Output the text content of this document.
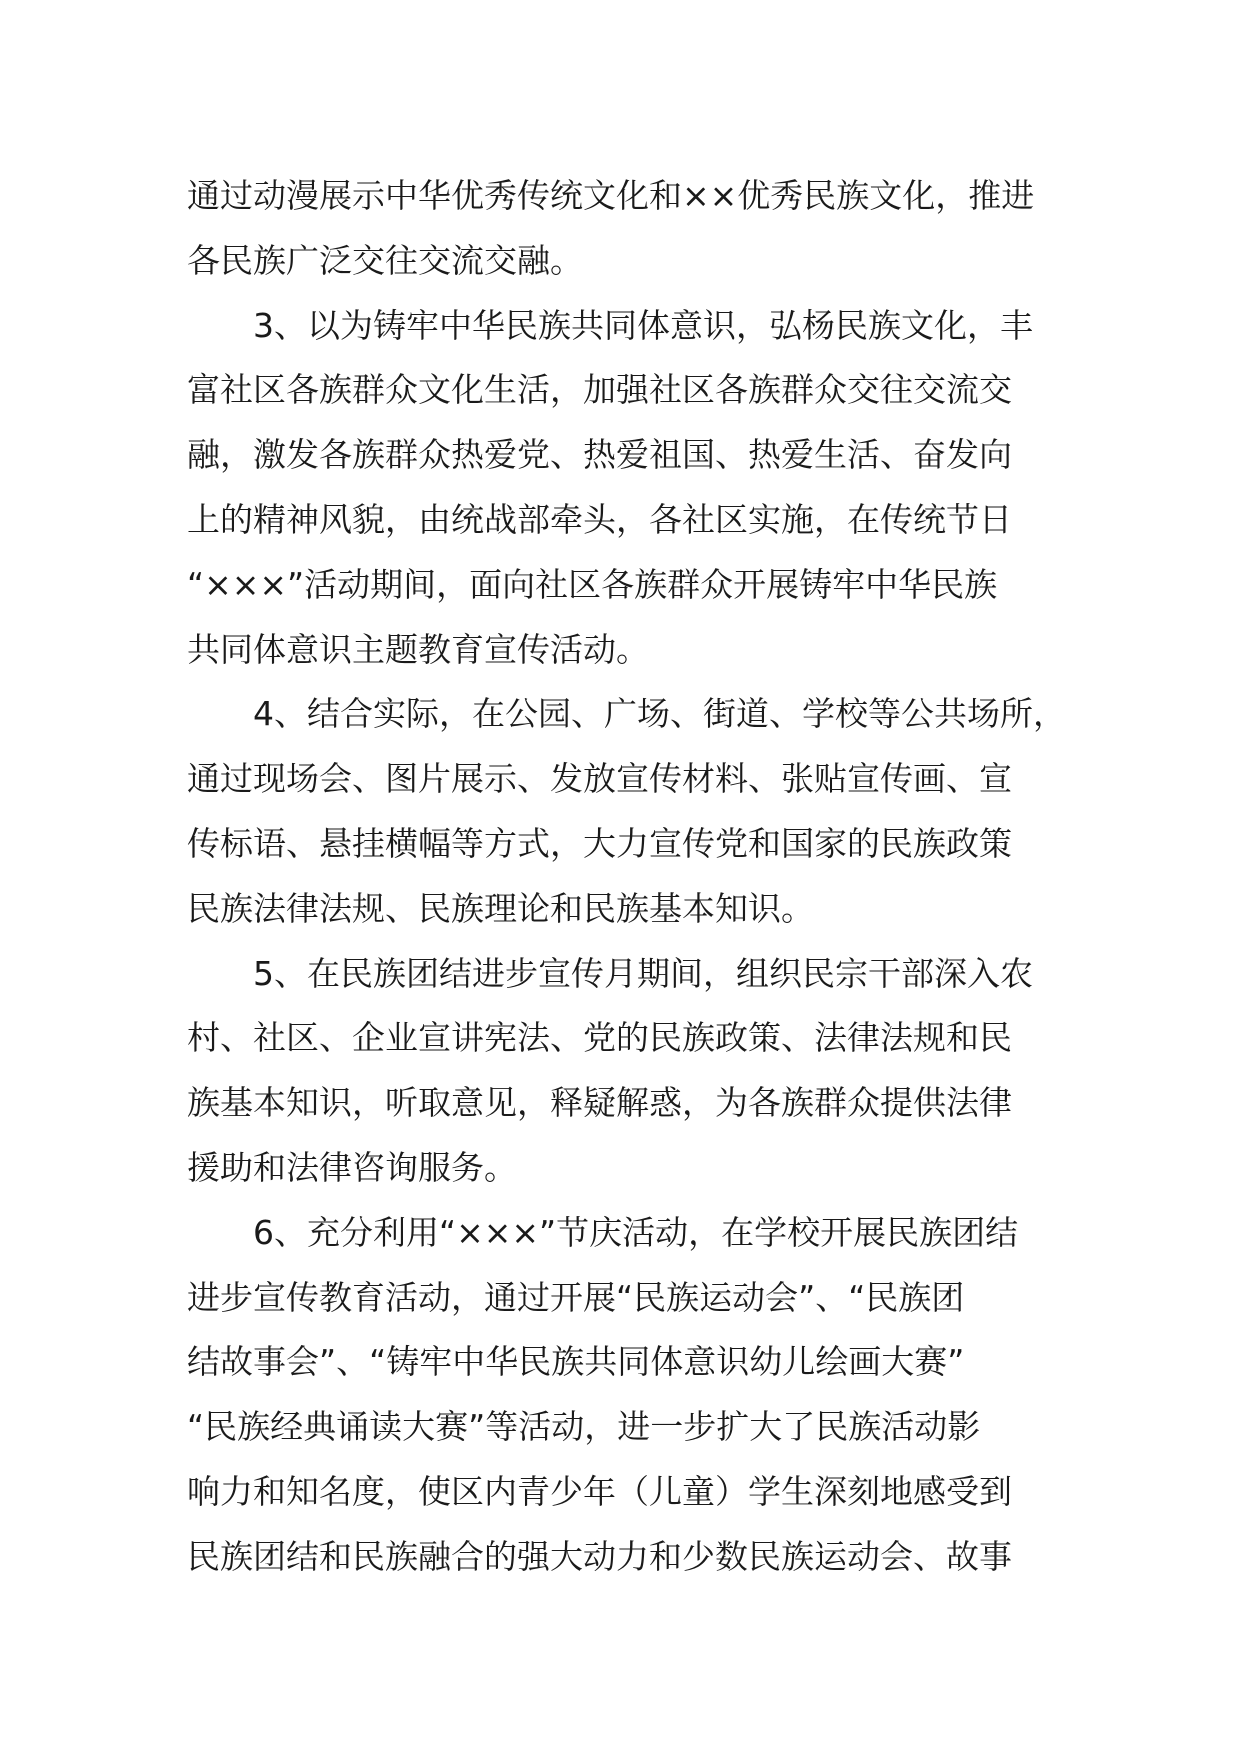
通过动漫展示中华优秀传统文化和××优秀民族文化，推进
各民族广泛交往交流交融。
　　3、以为铸牢中华民族共同体意识，弘杨民族文化，丰
富社区各族群众文化生活，加强社区各族群众交往交流交
融，激发各族群众热爱党、热爱祖国、热爱生活、奋发向
上的精神风貌，由统战部牵头，各社区实施，在传统节日
“×××”活动期间，面向社区各族群众开展铸牢中华民族
共同体意识主题教育宣传活动。
　　4、结合实际，在公园、广场、街道、学校等公共场所，
通过现场会、图片展示、发放宣传材料、张贴宣传画、宣
传标语、悬挂横幅等方式，大力宣传党和国家的民族政策
民族法律法规、民族理论和民族基本知识。
　　5、在民族团结进步宣传月期间，组织民宗干部深入农
村、社区、企业宣讲宪法、党的民族政策、法律法规和民
族基本知识，听取意见，释疑解惑，为各族群众提供法律
援助和法律咨询服务。
　　6、充分利用“×××”节庆活动，在学校开展民族团结
进步宣传教育活动，通过开展“民族运动会”、“民族团
结故事会”、“铸牢中华民族共同体意识幼儿绘画大赛”
“民族经典诵读大赛”等活动，进一步扩大了民族活动影
响力和知名度，使区内青少年（儿童）学生深刻地感受到
民族团结和民族融合的强大动力和少数民族运动会、故事
